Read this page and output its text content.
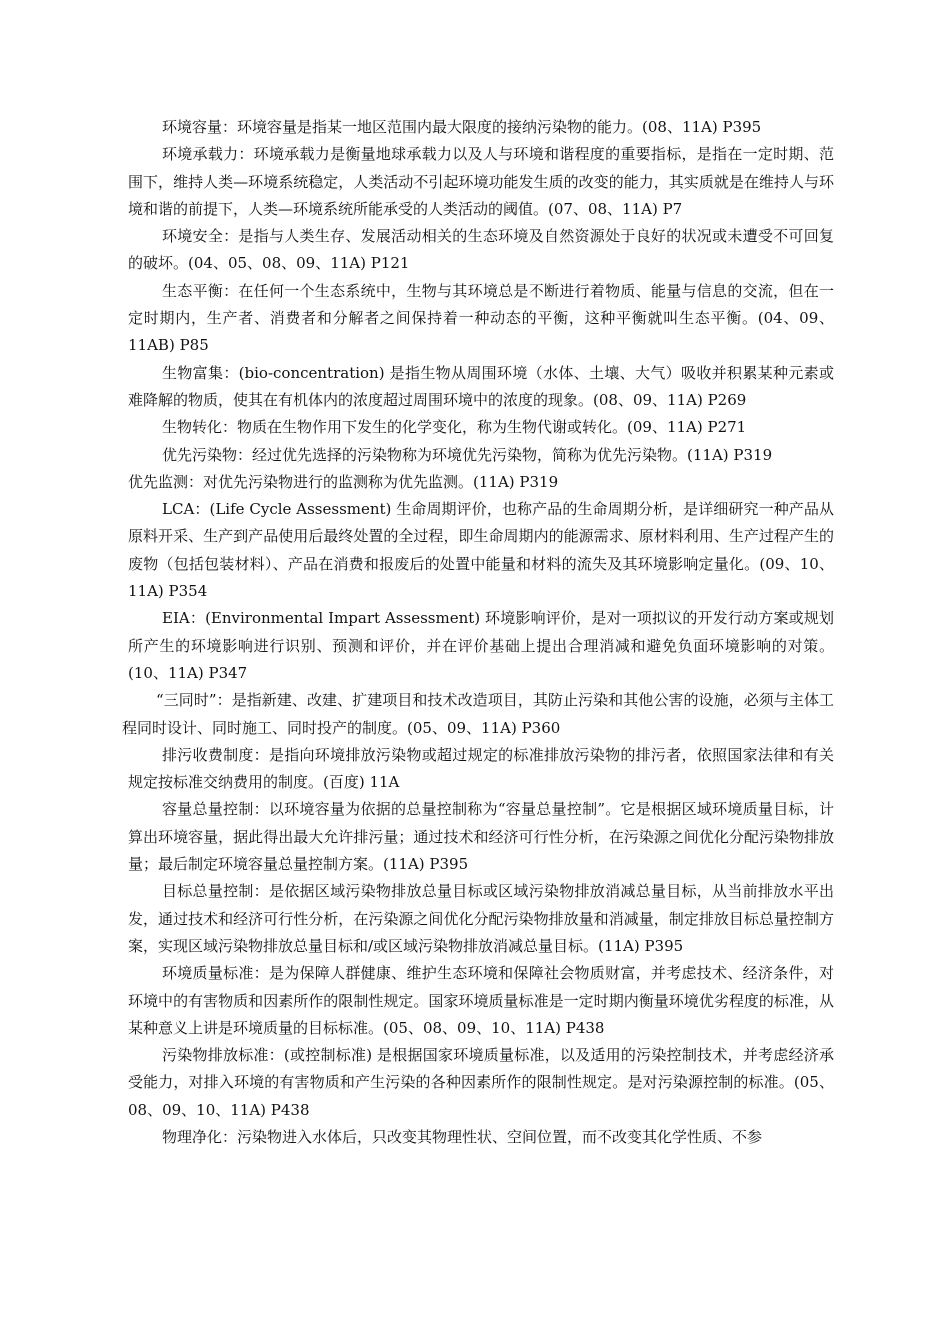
环境容量：环境容量是指某一地区范围内最大限度的接纳污染物的能力。(08、11A) P395

环境承载力：环境承载力是衡量地球承载力以及人与环境和谐程度的重要指标，是指在一定时期、范围下，维持人类—环境系统稳定，人类活动不引起环境功能发生质的改变的能力，其实质就是在维持人与环境和谐的前提下，人类—环境系统所能承受的人类活动的阈值。(07、08、11A) P7

环境安全：是指与人类生存、发展活动相关的生态环境及自然资源处于良好的状况或未遭受不可回复的破坏。(04、05、08、09、11A) P121

生态平衡：在任何一个生态系统中，生物与其环境总是不断进行着物质、能量与信息的交流，但在一定时期内，生产者、消费者和分解者之间保持着一种动态的平衡，这种平衡就叫生态平衡。(04、09、11AB) P85

生物富集：(bio-concentration) 是指生物从周围环境（水体、土壤、大气）吸收并积累某种元素或难降解的物质，使其在有机体内的浓度超过周围环境中的浓度的现象。(08、09、11A) P269

生物转化：物质在生物作用下发生的化学变化，称为生物代谢或转化。(09、11A) P271

优先污染物：经过优先选择的污染物称为环境优先污染物，简称为优先污染物。(11A) P319

优先监测：对优先污染物进行的监测称为优先监测。(11A) P319

LCA：(Life Cycle Assessment) 生命周期评价，也称产品的生命周期分析，是详细研究一种产品从原料开采、生产到产品使用后最终处置的全过程，即生命周期内的能源需求、原材料利用、生产过程产生的废物（包括包装材料）、产品在消费和报废后的处置中能量和材料的流失及其环境影响定量化。(09、10、11A) P354

EIA：(Environmental Impart Assessment) 环境影响评价，是对一项拟议的开发行动方案或规划所产生的环境影响进行识别、预测和评价，并在评价基础上提出合理消减和避免负面环境影响的对策。(10、11A) P347

“三同时”：是指新建、改建、扩建项目和技术改造项目，其防止污染和其他公害的设施，必须与主体工程同时设计、同时施工、同时投产的制度。(05、09、11A) P360

排污收费制度：是指向环境排放污染物或超过规定的标准排放污染物的排污者，依照国家法律和有关规定按标准交纳费用的制度。(百度) 11A

容量总量控制：以环境容量为依据的总量控制称为“容量总量控制”。它是根据区域环境质量目标，计算出环境容量，据此得出最大允许排污量；通过技术和经济可行性分析，在污染源之间优化分配污染物排放量；最后制定环境容量总量控制方案。(11A) P395

目标总量控制：是依据区域污染物排放总量目标或区域污染物排放消减总量目标，从当前排放水平出发，通过技术和经济可行性分析，在污染源之间优化分配污染物排放量和消减量，制定排放目标总量控制方案，实现区域污染物排放总量目标和/或区域污染物排放消减总量目标。(11A) P395

环境质量标准：是为保障人群健康、维护生态环境和保障社会物质财富，并考虑技术、经济条件，对环境中的有害物质和因素所作的限制性规定。国家环境质量标准是一定时期内衡量环境优劣程度的标准，从某种意义上讲是环境质量的目标标准。(05、08、09、10、11A) P438

污染物排放标准：(或控制标准) 是根据国家环境质量标准，以及适用的污染控制技术，并考虑经济承受能力，对排入环境的有害物质和产生污染的各种因素所作的限制性规定。是对污染源控制的标准。(05、08、09、10、11A) P438

物理净化：污染物进入水体后，只改变其物理性状、空间位置，而不改变其化学性质、不参
